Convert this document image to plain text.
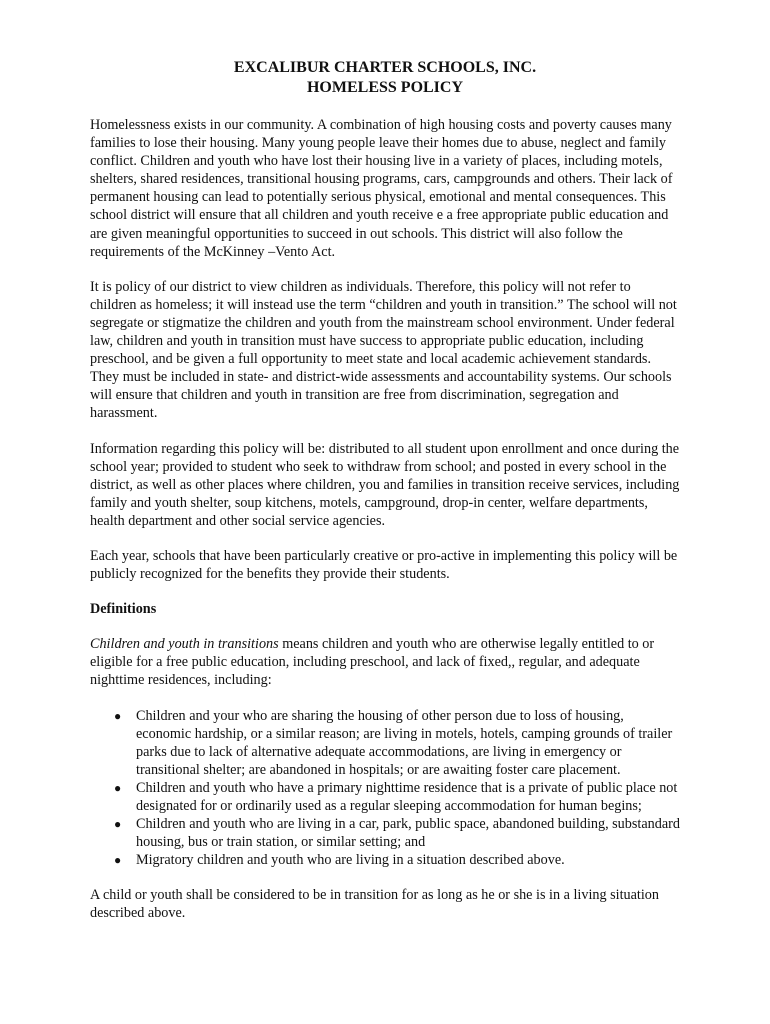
EXCALIBUR CHARTER SCHOOLS, INC.
HOMELESS POLICY

Homelessness exists in our community. A combination of high housing costs and poverty causes many families to lose their housing. Many young people leave their homes due to abuse, neglect and family conflict. Children and youth who have lost their housing live in a variety of places, including motels, shelters, shared residences, transitional housing programs, cars, campgrounds and others. Their lack of permanent housing can lead to potentially serious physical, emotional and mental consequences. This school district will ensure that all children and youth receive e a free appropriate public education and are given meaningful opportunities to succeed in out schools. This district will also follow the requirements of the McKinney –Vento Act.

It is policy of our district to view children as individuals. Therefore, this policy will not refer to children as homeless; it will instead use the term “children and youth in transition.” The school will not segregate or stigmatize the children and youth from the mainstream school environment. Under federal law, children and youth in transition must have success to appropriate public education, including preschool, and be given a full opportunity to meet state and local academic achievement standards. They must be included in state- and district-wide assessments and accountability systems. Our schools will ensure that children and youth in transition are free from discrimination, segregation and harassment.

Information regarding this policy will be: distributed to all student upon enrollment and once during the school year; provided to student who seek to withdraw from school; and posted in every school in the district, as well as other places where children, you and families in transition receive services, including family and youth shelter, soup kitchens, motels, campground, drop-in center, welfare departments, health department and other social service agencies.

Each year, schools that have been particularly creative or pro-active in implementing this policy will be publicly recognized for the benefits they provide their students.

Definitions

Children and youth in transitions means children and youth who are otherwise legally entitled to or eligible for a free public education, including preschool, and lack of fixed,, regular, and adequate nighttime residences, including:

● Children and your who are sharing the housing of other person due to loss of housing, economic hardship, or a similar reason; are living in motels, hotels, camping grounds of trailer parks due to lack of alternative adequate accommodations, are living in emergency or transitional shelter; are abandoned in hospitals; or are awaiting foster care placement.
● Children and youth who have a primary nighttime residence that is a private of public place not designated for or ordinarily used as a regular sleeping accommodation for human begins;
● Children and youth who are living in a car, park, public space, abandoned building, substandard housing, bus or train station, or similar setting; and
● Migratory children and youth who are living in a situation described above.

A child or youth shall be considered to be in transition for as long as he or she is in a living situation described above.
